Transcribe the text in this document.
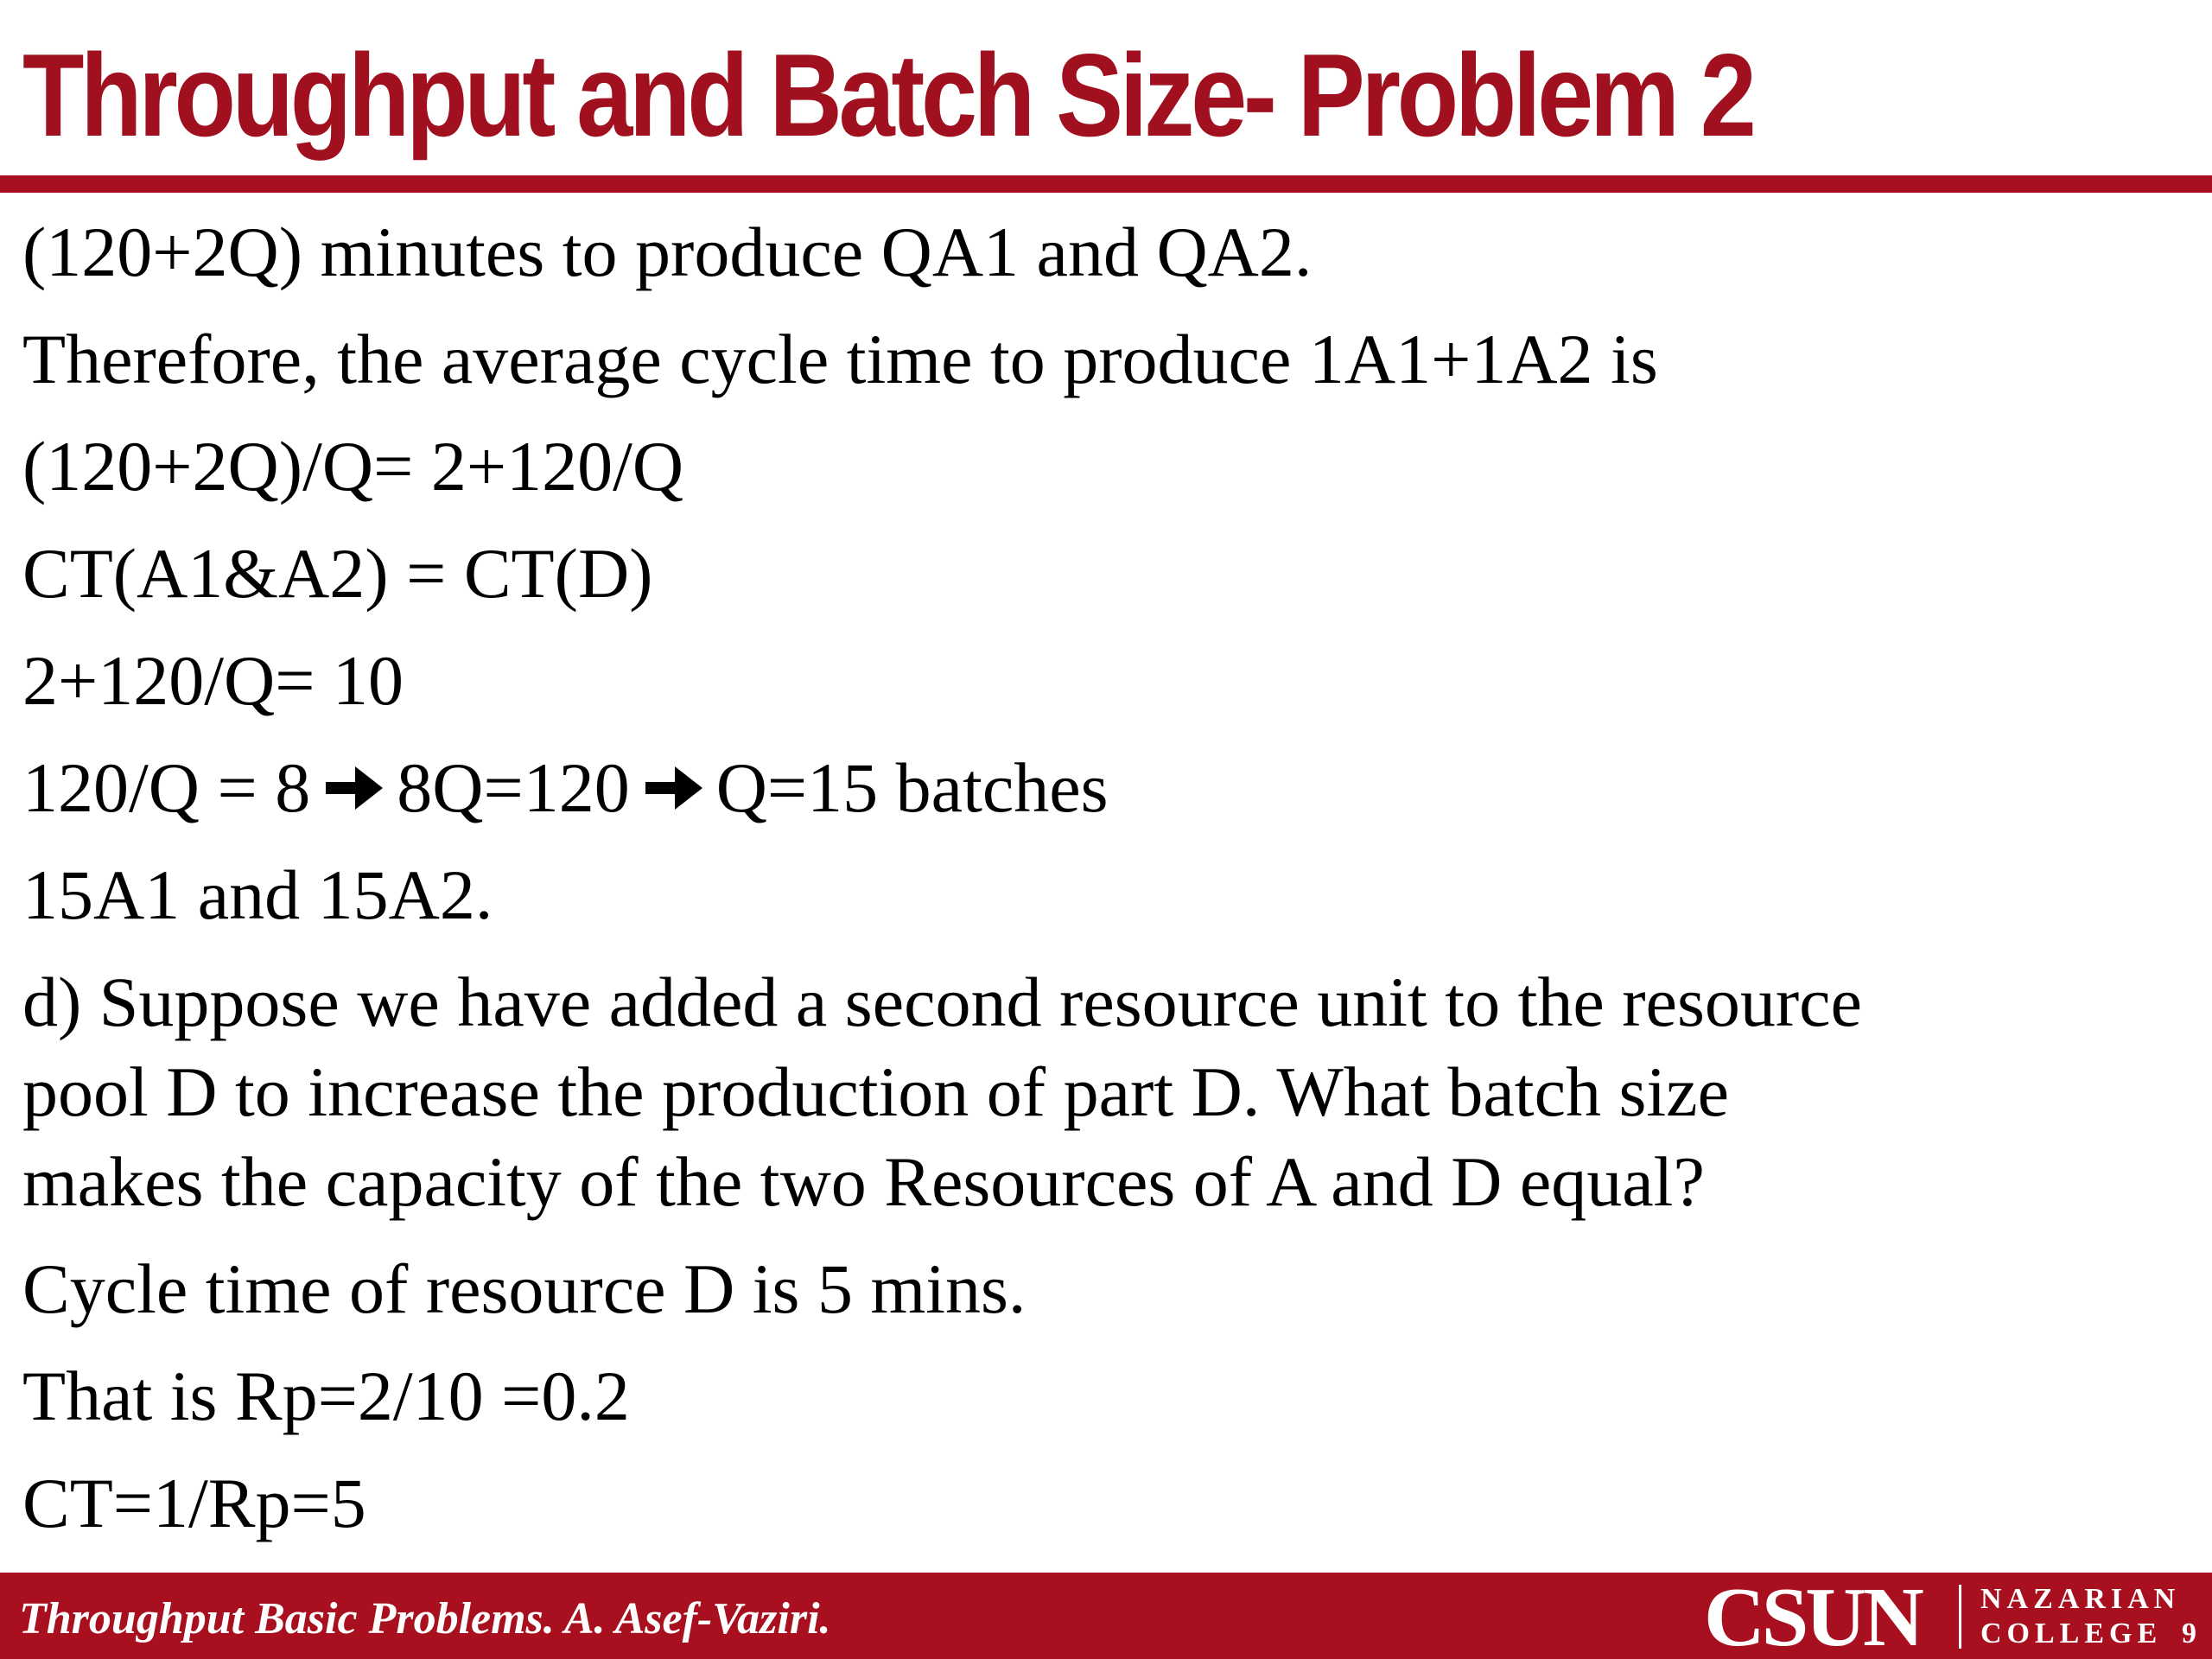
Throughput and Batch Size- Problem 2
(120+2Q) minutes to produce QA1 and QA2.
Therefore, the average cycle time to produce 1A1+1A2 is
(120+2Q)/Q= 2+120/Q
CT(A1&A2) = CT(D)
2+120/Q= 10
120/Q = 8 8Q=120 Q=15 batches
15A1 and 15A2.
d) Suppose we have added a second resource unit to the resource
pool D to increase the production of part D. What batch size
makes the capacity of the two Resources of A and D equal?
Cycle time of resource D is 5 mins.
That is Rp=2/10 =0.2
CT=1/Rp=5
Throughput Basic Problems. A. Asef-Vaziri.	CSUN NAZARIAN
COLLEGE 9
